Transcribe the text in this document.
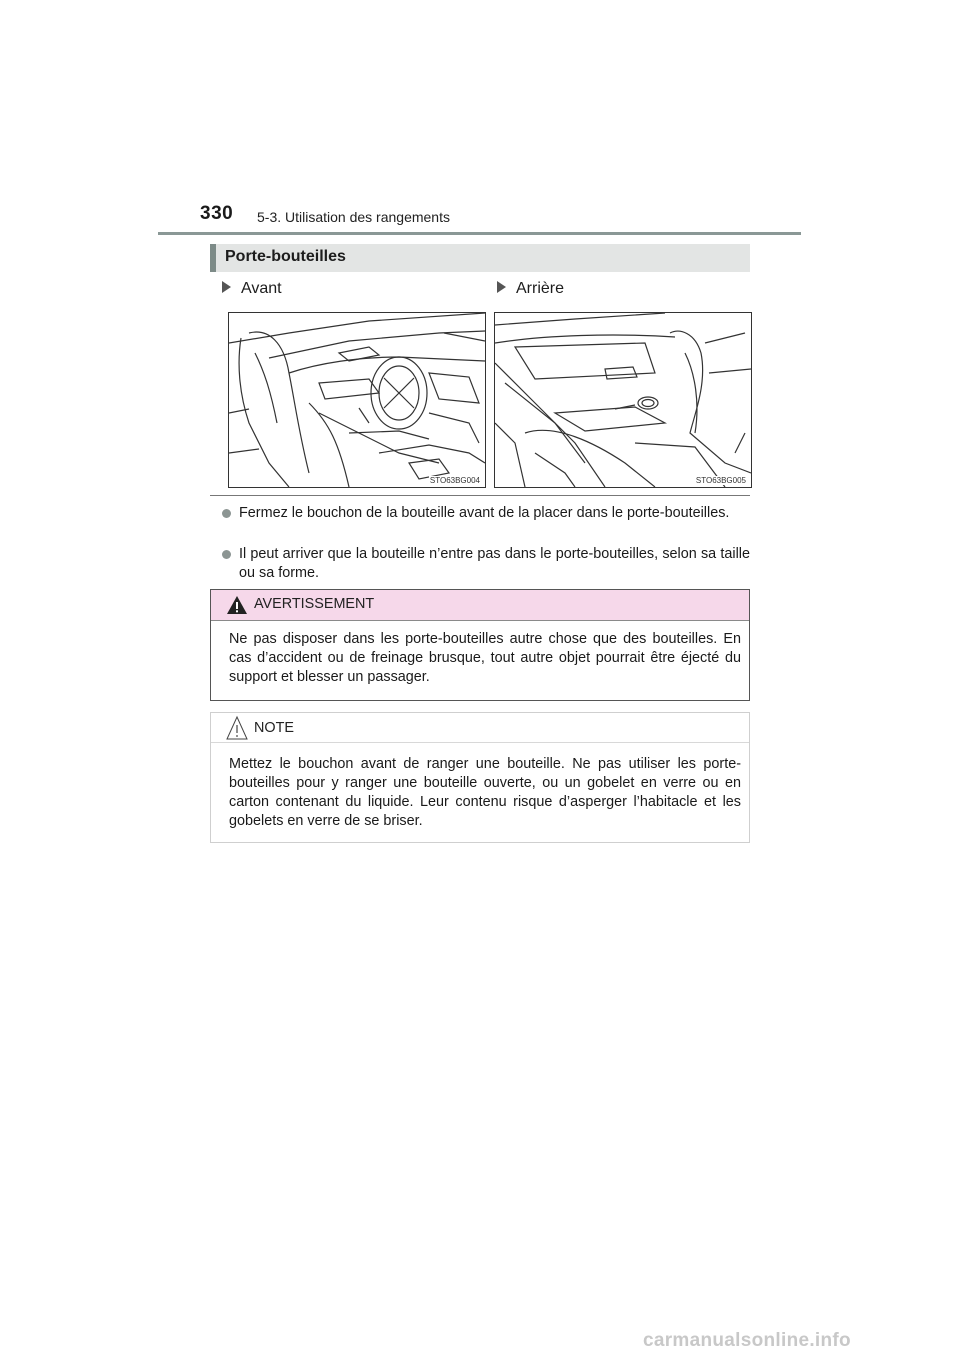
330 5-3. Utilisation des rangements
Porte-bouteilles
Avant	Arrière
STO63BG004	STO63BG005
Fermez le bouchon de la bouteille avant de la placer dans le porte-bouteilles.
Il peut arriver que la bouteille n’entre pas dans le porte-bouteilles, selon sa taille ou sa forme.
AVERTISSEMENT
Ne pas disposer dans les porte-bouteilles autre chose que des bouteilles. En cas d’accident ou de freinage brusque, tout autre objet pourrait être éjecté du support et blesser un passager.
NOTE
Mettez le bouchon avant de ranger une bouteille. Ne pas utiliser les porte-bouteilles pour y ranger une bouteille ouverte, ou un gobelet en verre ou en carton contenant du liquide. Leur contenu risque d’asperger l’habitacle et les gobelets en verre de se briser.
carmanualsonline.info
